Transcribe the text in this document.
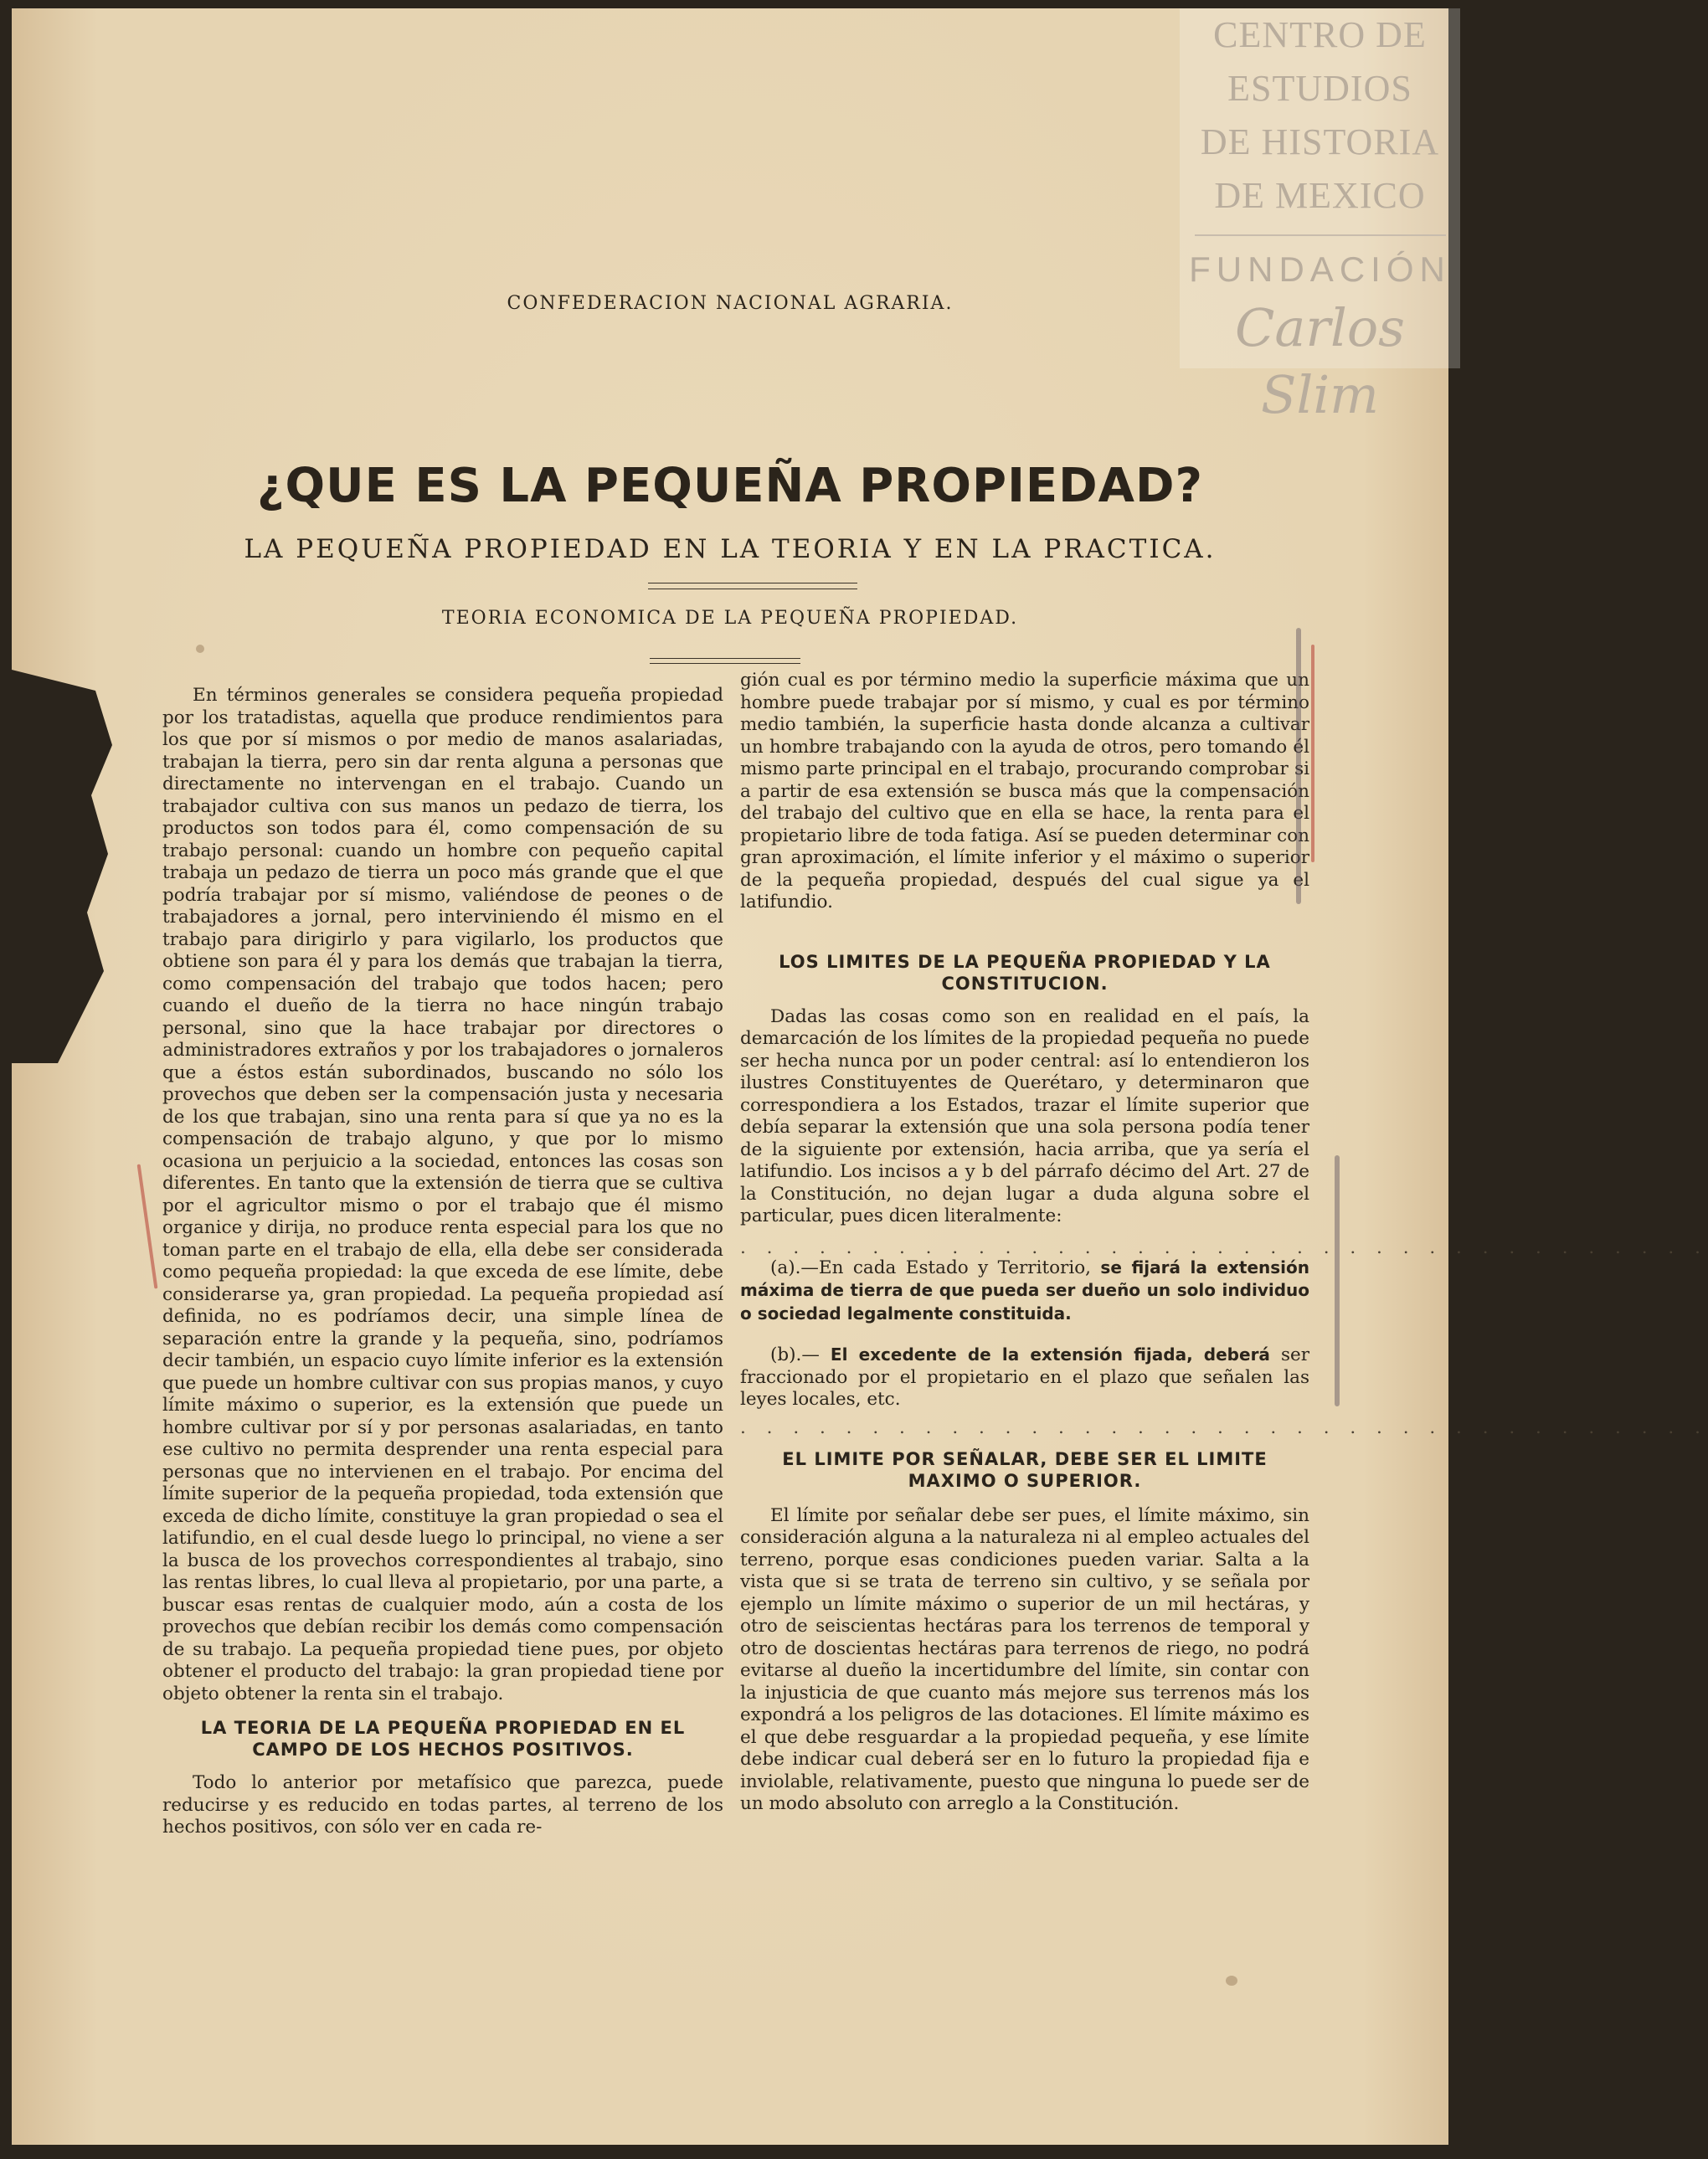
CENTRO DE
ESTUDIOS
DE HISTORIA
DE MEXICO
FUNDACIÓN
Carlos Slim
CONFEDERACION NACIONAL AGRARIA.
¿QUE ES LA PEQUEÑA PROPIEDAD?
LA PEQUEÑA PROPIEDAD EN LA TEORIA Y EN LA PRACTICA.
TEORIA ECONOMICA DE LA PEQUEÑA PROPIEDAD.

En términos generales se considera pequeña propiedad por los tratadistas, aquella que produce rendimientos para los que por sí mismos o por medio de manos asalariadas, trabajan la tierra, pero sin dar renta alguna a personas que directamente no intervengan en el trabajo. Cuando un trabajador cultiva con sus manos un pedazo de tierra, los productos son todos para él, como compensación de su trabajo personal: cuando un hombre con pequeño capital trabaja un pedazo de tierra un poco más grande que el que podría trabajar por sí mismo, valiéndose de peones o de trabajadores a jornal, pero interviniendo él mismo en el trabajo para dirigirlo y para vigilarlo, los productos que obtiene son para él y para los demás que trabajan la tierra, como compensación del trabajo que todos hacen; pero cuando el dueño de la tierra no hace ningún trabajo personal, sino que la hace trabajar por directores o administradores extraños y por los trabajadores o jornaleros que a éstos están subordinados, buscando no sólo los provechos que deben ser la compensación justa y necesaria de los que trabajan, sino una renta para sí que ya no es la compensación de trabajo alguno, y que por lo mismo ocasiona un perjuicio a la sociedad, entonces las cosas son diferentes. En tanto que la extensión de tierra que se cultiva por el agricultor mismo o por el trabajo que él mismo organice y dirija, no produce renta especial para los que no toman parte en el trabajo de ella, ella debe ser considerada como pequeña propiedad: la que exceda de ese límite, debe considerarse ya, gran propiedad. La pequeña propiedad así definida, no es podríamos decir, una simple línea de separación entre la grande y la pequeña, sino, podríamos decir también, un espacio cuyo límite inferior es la extensión que puede un hombre cultivar con sus propias manos, y cuyo límite máximo o superior, es la extensión que puede un hombre cultivar por sí y por personas asalariadas, en tanto ese cultivo no permita desprender una renta especial para personas que no intervienen en el trabajo. Por encima del límite superior de la pequeña propiedad, toda extensión que exceda de dicho límite, constituye la gran propiedad o sea el latifundio, en el cual desde luego lo principal, no viene a ser la busca de los provechos correspondientes al trabajo, sino las rentas libres, lo cual lleva al propietario, por una parte, a buscar esas rentas de cualquier modo, aún a costa de los provechos que debían recibir los demás como compensación de su trabajo. La pequeña propiedad tiene pues, por objeto obtener el producto del trabajo: la gran propiedad tiene por objeto obtener la renta sin el trabajo.

LA TEORIA DE LA PEQUEÑA PROPIEDAD EN EL CAMPO DE LOS HECHOS POSITIVOS.

Todo lo anterior por metafísico que parezca, puede reducirse y es reducido en todas partes, al terreno de los hechos positivos, con sólo ver en cada re-

gión cual es por término medio la superficie máxima que un hombre puede trabajar por sí mismo, y cual es por término medio también, la superficie hasta donde alcanza a cultivar un hombre trabajando con la ayuda de otros, pero tomando él mismo parte principal en el trabajo, procurando comprobar si a partir de esa extensión se busca más que la compensación del trabajo del cultivo que en ella se hace, la renta para el propietario libre de toda fatiga. Así se pueden determinar con gran aproximación, el límite inferior y el máximo o superior de la pequeña propiedad, después del cual sigue ya el latifundio.

LOS LIMITES DE LA PEQUEÑA PROPIEDAD Y LA CONSTITUCION.

Dadas las cosas como son en realidad en el país, la demarcación de los límites de la propiedad pequeña no puede ser hecha nunca por un poder central: así lo entendieron los ilustres Constituyentes de Querétaro, y determinaron que correspondiera a los Estados, trazar el límite superior que debía separar la extensión que una sola persona podía tener de la siguiente por extensión, hacia arriba, que ya sería el latifundio. Los incisos a y b del párrafo décimo del Art. 27 de la Constitución, no dejan lugar a duda alguna sobre el particular, pues dicen literalmente:

. . . . . . . . . . . . . . . . . . . . . . . . . . . . . . . . . . . . .

(a).—En cada Estado y Territorio, se fijará la extensión máxima de tierra de que pueda ser dueño un solo individuo o sociedad legalmente constituida.

(b).— El excedente de la extensión fijada, deberá ser fraccionado por el propietario en el plazo que señalen las leyes locales, etc.

. . . . . . . . . . . . . . . . . . . . . . . . . . . . . . . . . . . . .

EL LIMITE POR SEÑALAR, DEBE SER EL LIMITE MAXIMO O SUPERIOR.

El límite por señalar debe ser pues, el límite máximo, sin consideración alguna a la naturaleza ni al empleo actuales del terreno, porque esas condiciones pueden variar. Salta a la vista que si se trata de terreno sin cultivo, y se señala por ejemplo un límite máximo o superior de un mil hectáras, y otro de seiscientas hectáras para los terrenos de temporal y otro de doscientas hectáras para terrenos de riego, no podrá evitarse al dueño la incertidumbre del límite, sin contar con la injusticia de que cuanto más mejore sus terrenos más los expondrá a los peligros de las dotaciones. El límite máximo es el que debe resguardar a la propiedad pequeña, y ese límite debe indicar cual deberá ser en lo futuro la propiedad fija e inviolable, relativamente, puesto que ninguna lo puede ser de un modo absoluto con arreglo a la Constitución.
